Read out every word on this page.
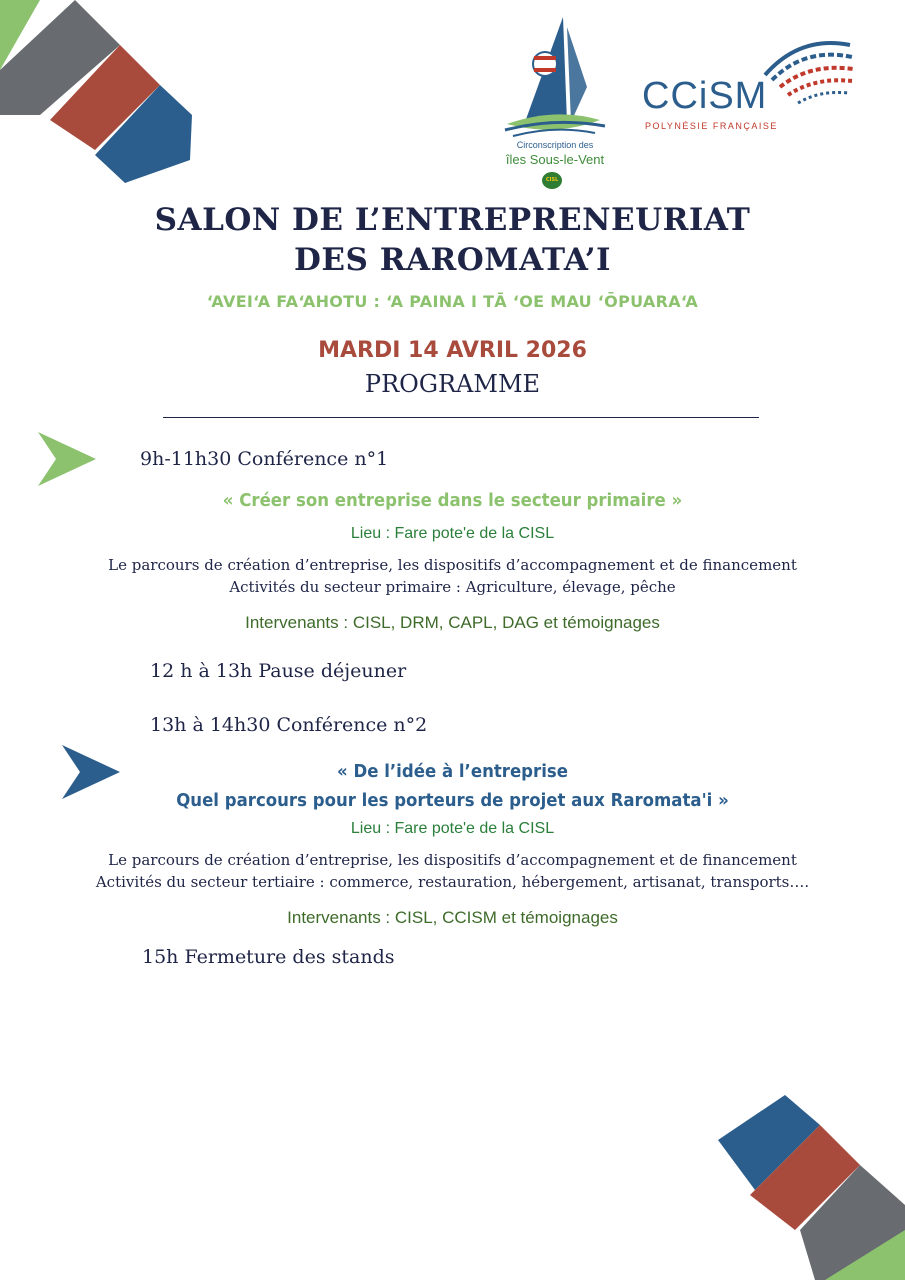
Circonscription des
îles Sous-le-Vent
CISL
CCiSM
POLYNÉSIE FRANÇAISE
SALON DE L’ENTREPRENEURIAT
DES RAROMATA’I
ʻAVEIʻA FAʻAHOTU : ʻA PAINA I TĀ ʻOE MAU ʻŌPUARAʻA
MARDI 14 AVRIL 2026
PROGRAMME
9h-11h30 Conférence n°1
« Créer son entreprise dans le secteur primaire »
Lieu : Fare pote'e de la CISL
Le parcours de création d’entreprise, les dispositifs d’accompagnement et de financement
Activités du secteur primaire : Agriculture, élevage, pêche
Intervenants : CISL, DRM, CAPL, DAG et témoignages
12 h à 13h Pause déjeuner
13h à 14h30 Conférence n°2
« De l’idée à l’entreprise
Quel parcours pour les porteurs de projet aux Raromata'i »
Lieu : Fare pote'e de la CISL
Le parcours de création d’entreprise, les dispositifs d’accompagnement et de financement
Activités du secteur tertiaire : commerce, restauration, hébergement, artisanat, transports….
Intervenants : CISL, CCISM et témoignages
15h Fermeture des stands
